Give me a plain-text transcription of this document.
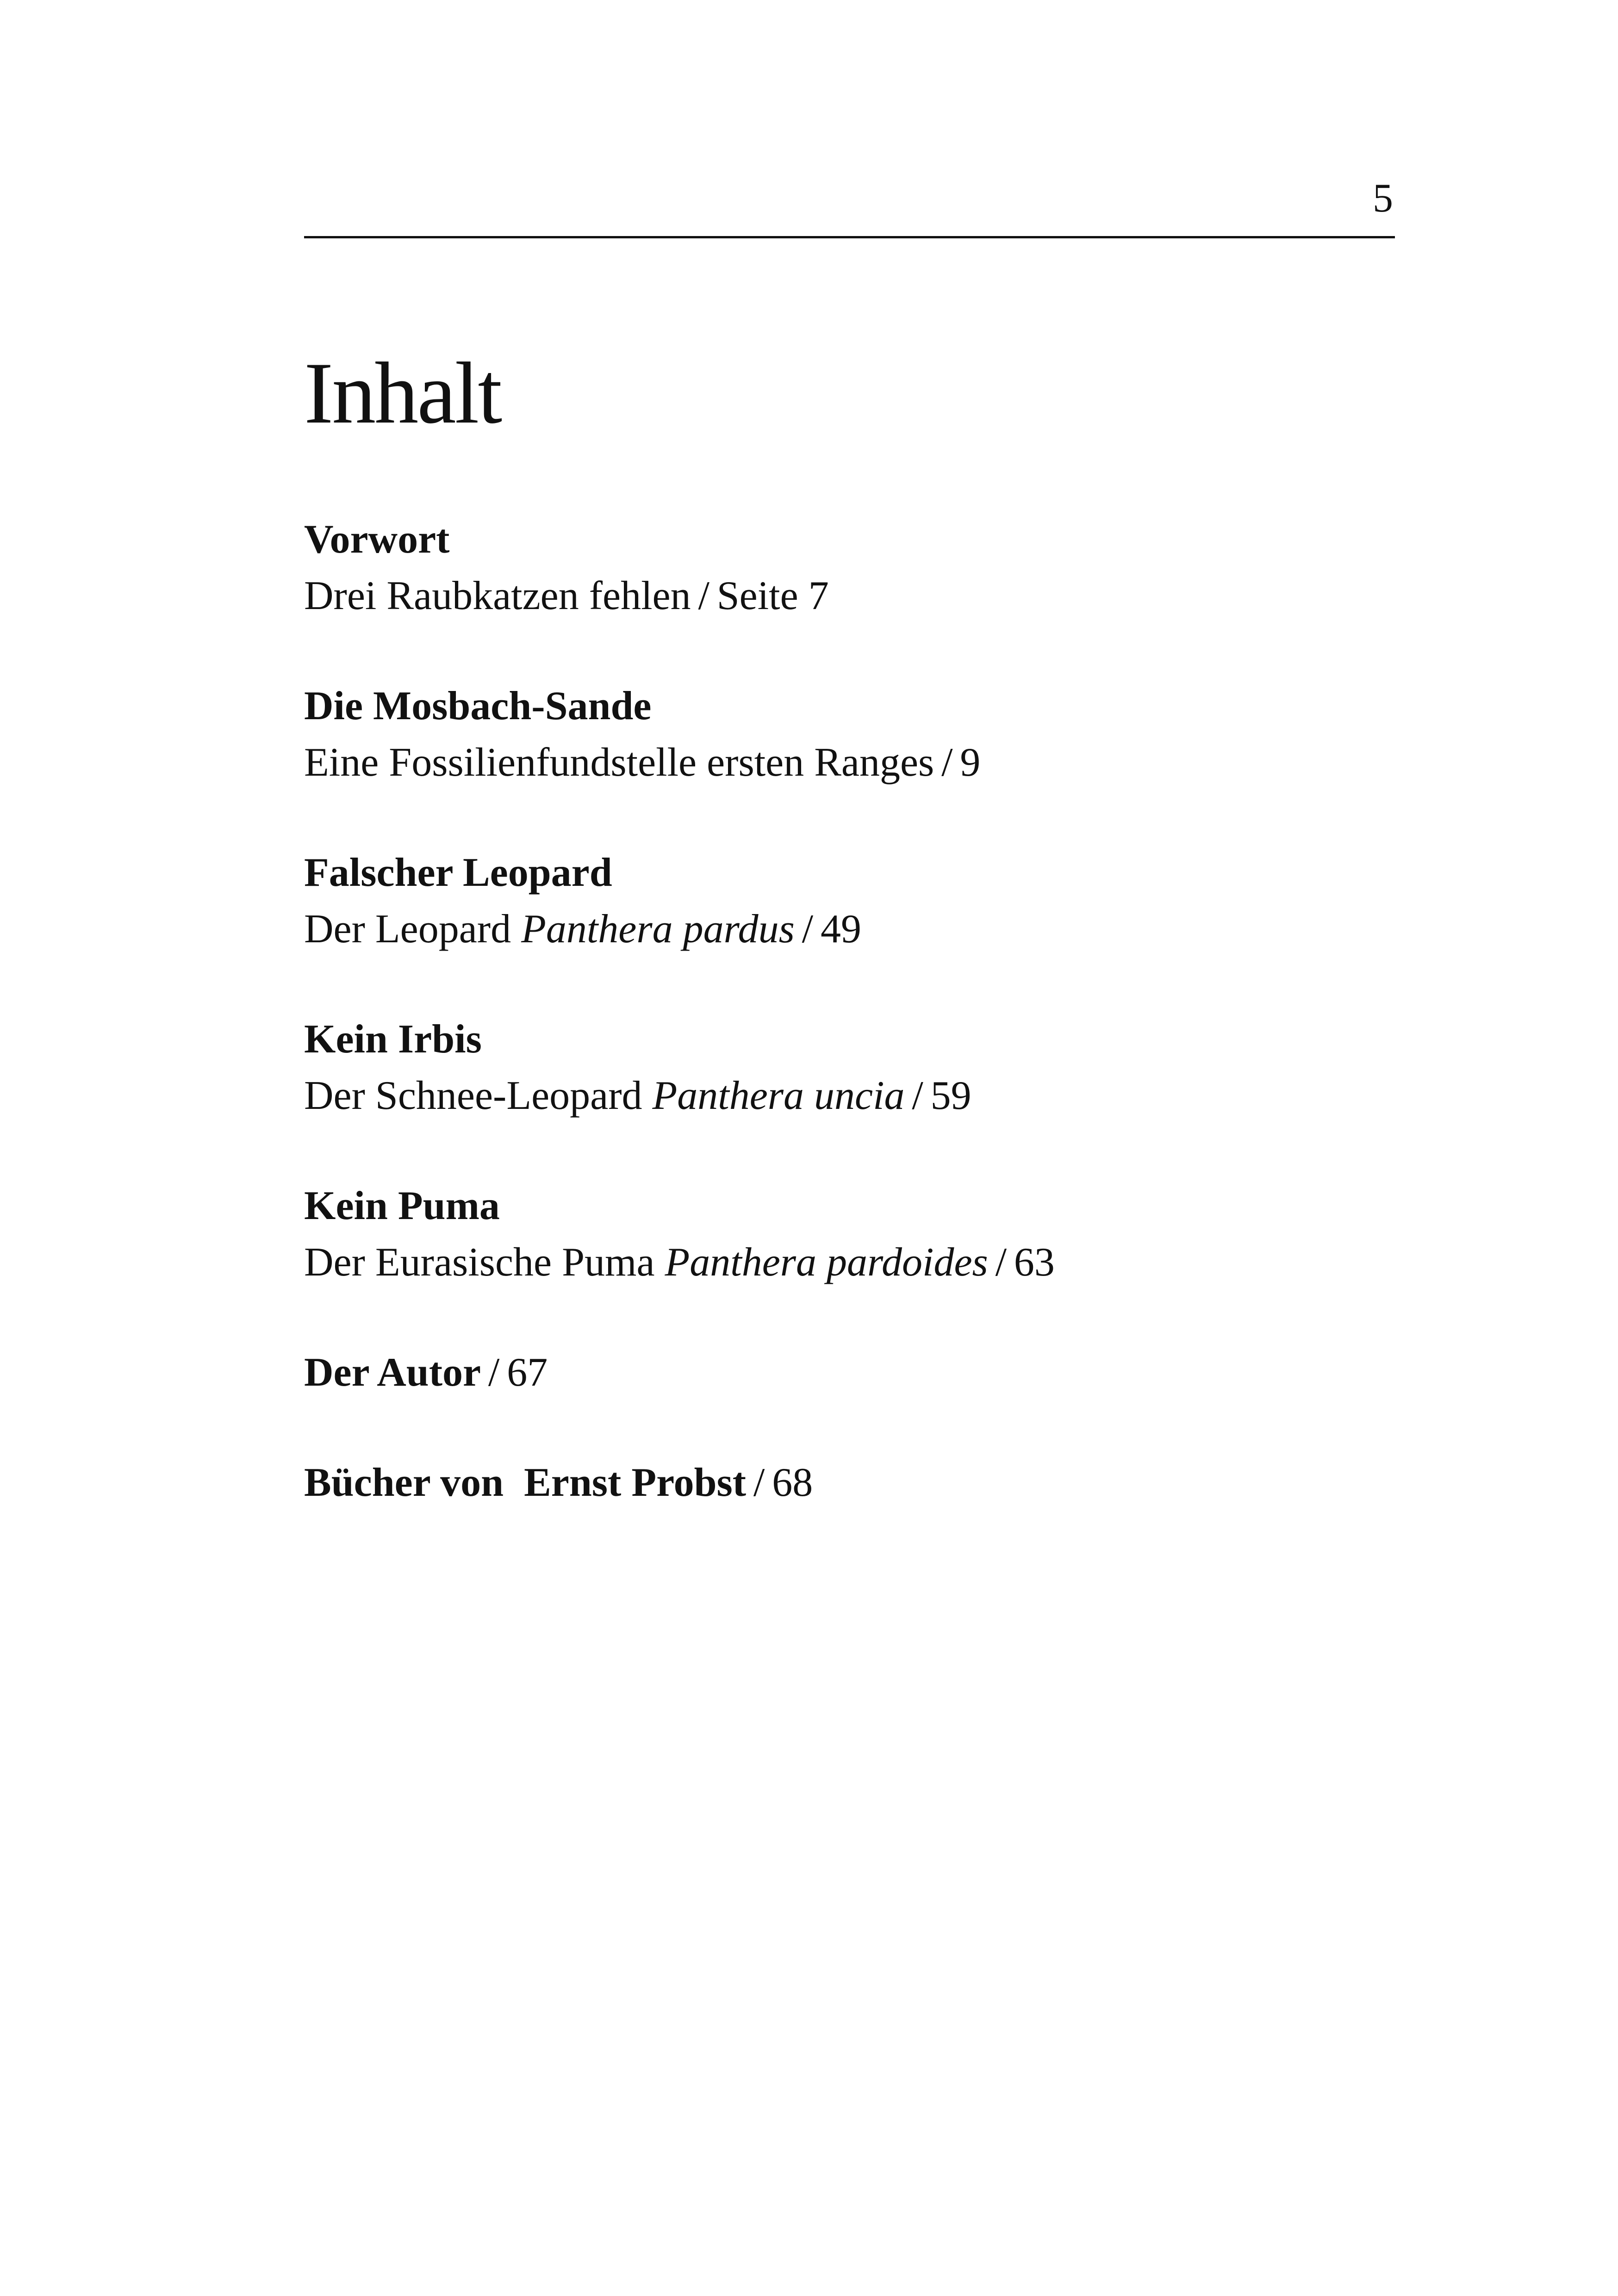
5
Inhalt
Vorwort
Drei Raubkatzen fehlen / Seite 7
Die Mosbach-Sande
Eine Fossilienfundstelle ersten Ranges / 9
Falscher Leopard
Der Leopard Panthera pardus / 49
Kein Irbis
Der Schnee-Leopard Panthera uncia / 59
Kein Puma
Der Eurasische Puma Panthera pardoides / 63
Der Autor / 67
Bücher von  Ernst Probst / 68
